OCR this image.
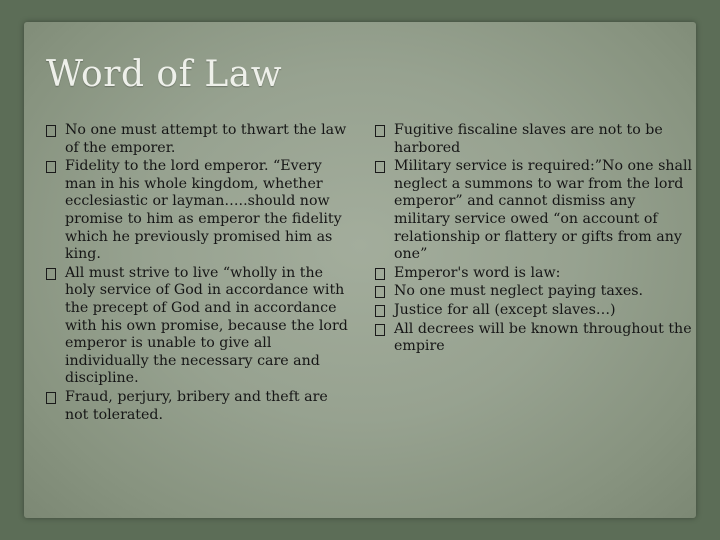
Word of Law
No one must attempt to thwart the law of the emporer.
Fidelity to the lord emperor. “Every man in his whole kingdom, whether ecclesiastic or layman…..should now promise to him as emperor the fidelity which he previously promised him as king.
All must strive to live “wholly in the holy service of God in accordance with the precept of God and in accordance with his own promise, because the lord emperor is unable to give all individually the necessary care and discipline.
Fraud, perjury, bribery and theft are not tolerated.
Fugitive fiscaline slaves are not to be harbored
Military service is required:”No one shall neglect a summons to war from the lord emperor” and cannot dismiss any military service owed “on account of relationship or flattery or gifts from any one”
Emperor's word is law:
No one must neglect paying taxes.
Justice for all (except slaves…)
All decrees will be known throughout the empire
